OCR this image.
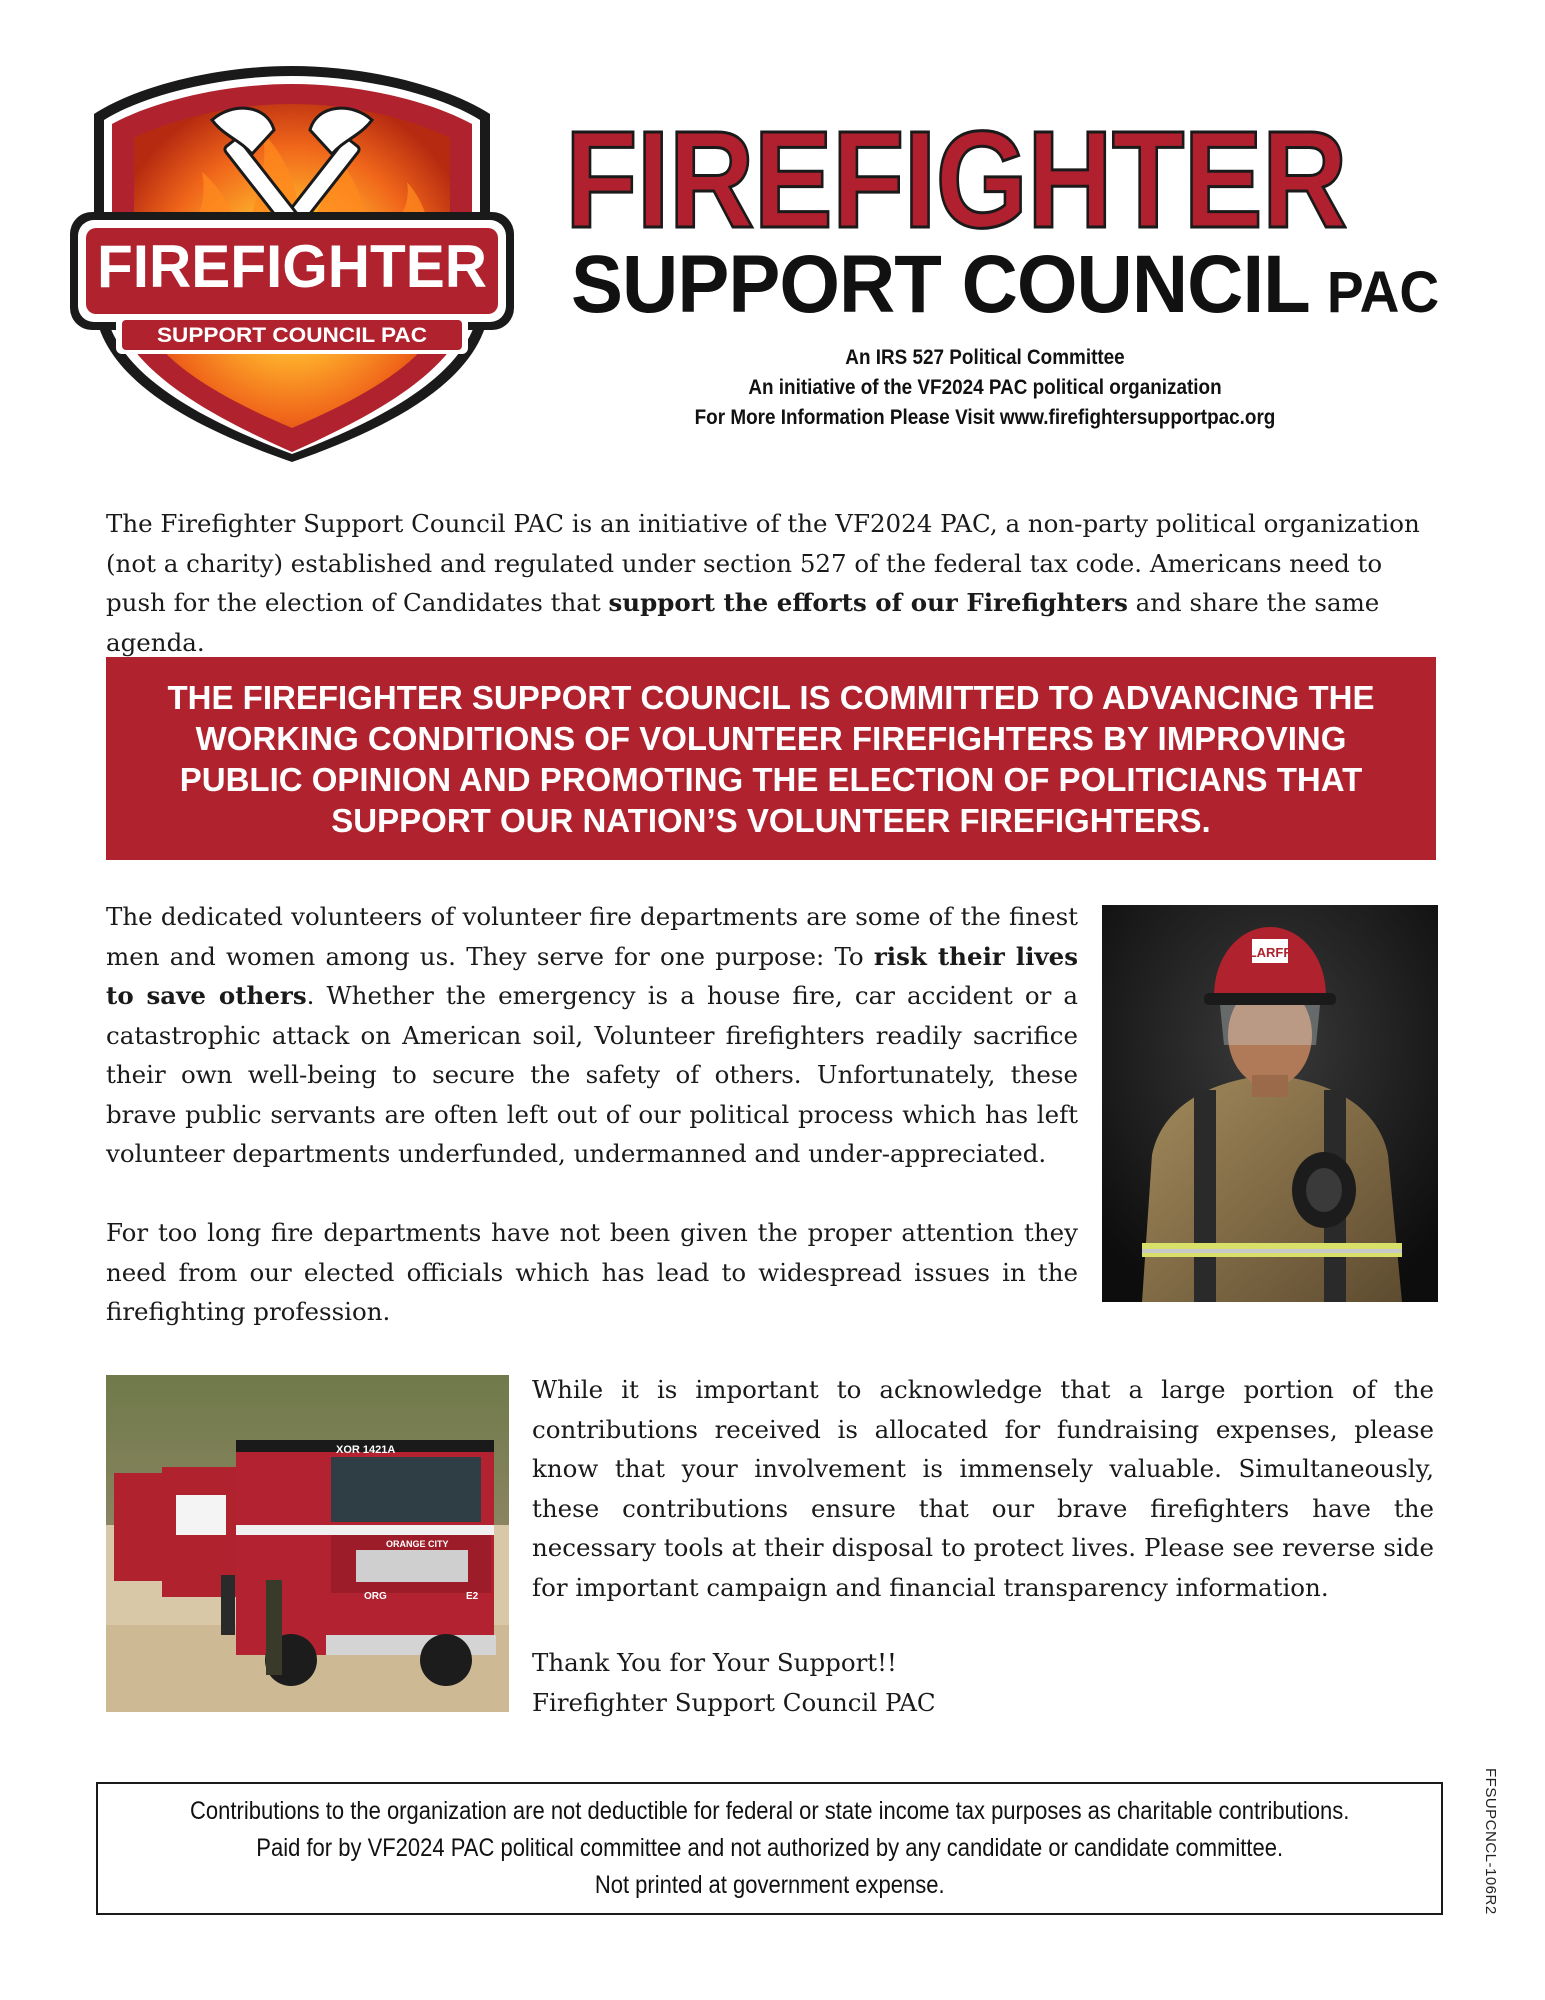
FIREFIGHTER
SUPPORT COUNCIL PAC
FIREFIGHTER
SUPPORT COUNCIL PAC
An IRS 527 Political Committee
An initiative of the VF2024 PAC political organization
For More Information Please Visit www.firefightersupportpac.org

The Firefighter Support Council PAC is an initiative of the VF2024 PAC, a non-party political organization (not a charity) established and regulated under section 527 of the federal tax code. Americans need to push for the election of Candidates that support the efforts of our Firefighters and share the same agenda.

THE FIREFIGHTER SUPPORT COUNCIL IS COMMITTED TO ADVANCING THE WORKING CONDITIONS OF VOLUNTEER FIREFIGHTERS BY IMPROVING PUBLIC OPINION AND PROMOTING THE ELECTION OF POLITICIANS THAT SUPPORT OUR NATION’S VOLUNTEER FIREFIGHTERS.

The dedicated volunteers of volunteer fire departments are some of the finest men and women among us. They serve for one purpose: To risk their lives to save others. Whether the emergency is a house fire, car accident or a catastrophic attack on American soil, Volunteer firefighters readily sacrifice their own well-being to secure the safety of others. Unfortunately, these brave public servants are often left out of our political process which has left volunteer departments underfunded, undermanned and under-appreciated.

LARFF

For too long fire departments have not been given the proper attention they need from our elected officials which has lead to widespread issues in the firefighting profession.

XOR 1421A
ORANGE CITY
ORG	E2

While it is important to acknowledge that a large portion of the contributions received is allocated for fundraising expenses, please know that your involvement is immensely valuable. Simultaneously, these contributions ensure that our brave firefighters have the necessary tools at their disposal to protect lives. Please see reverse side for important campaign and financial transparency information.

Thank You for Your Support!!
Firefighter Support Council PAC
Contributions to the organization are not deductible for federal or state income tax purposes as charitable contributions.
Paid for by VF2024 PAC political committee and not authorized by any candidate or candidate committee.
Not printed at government expense.	FFSUPCNCL-106R2
